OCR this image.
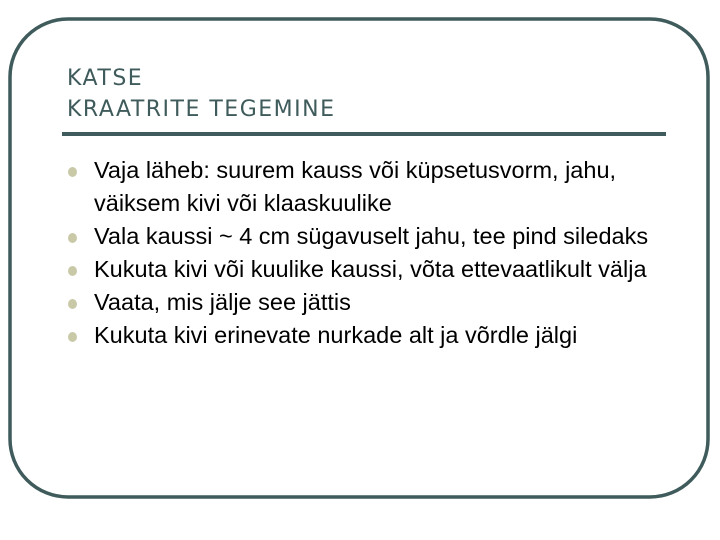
KATSE
KRAATRITE TEGEMINE
Vaja läheb: suurem kauss või küpsetusvorm, jahu, väiksem kivi või klaaskuulike
Vala kaussi ~ 4 cm sügavuselt jahu, tee pind siledaks
Kukuta kivi või kuulike kaussi, võta ettevaatlikult välja
Vaata, mis jälje see jättis
Kukuta kivi erinevate nurkade alt ja võrdle jälgi
